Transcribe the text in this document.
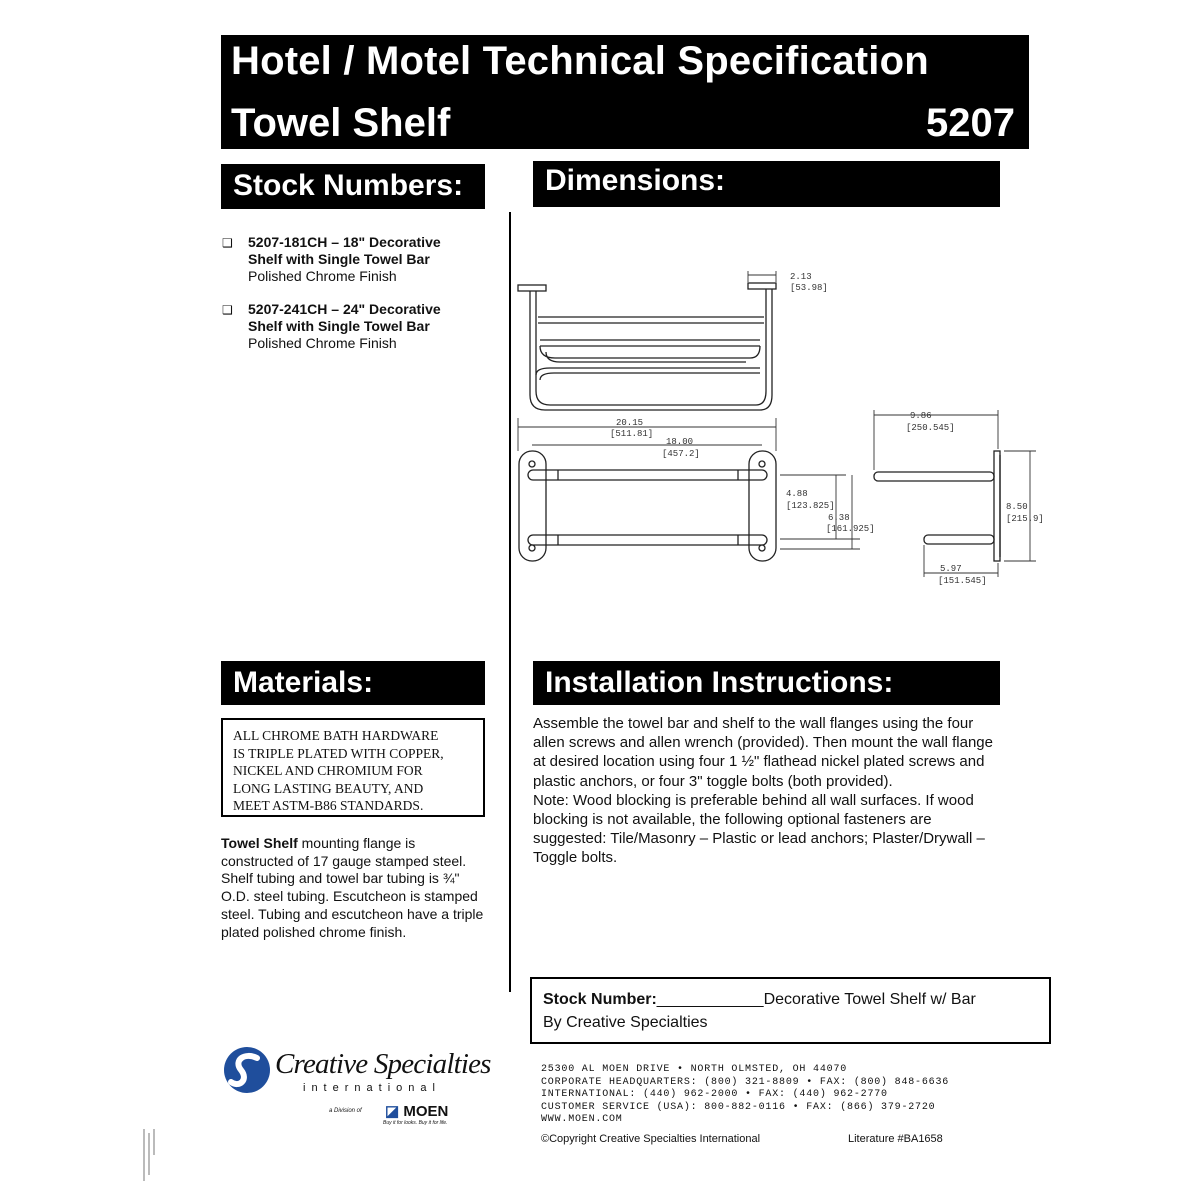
Hotel / Motel Technical Specification
Towel Shelf	5207
Stock Numbers:	Dimensions:
Materials:	Installation Instructions:
❑ 5207-181CH – 18" Decorative
Shelf with Single Towel Bar
Polished Chrome Finish
❑ 5207-241CH – 24" Decorative
Shelf with Single Towel Bar
Polished Chrome Finish
2.13
[53.98]
20.15
[511.81]
18.00
[457.2]
4.88
[123.825]
6.38
[161.925]
9.86
[250.545]
8.50
[215.9]
5.97
[151.545]
ALL CHROME BATH HARDWARE
IS TRIPLE PLATED WITH COPPER,
NICKEL AND CHROMIUM FOR
LONG LASTING BEAUTY, AND
MEET ASTM-B86 STANDARDS.
Towel Shelf mounting flange is constructed of 17 gauge stamped steel. Shelf tubing and towel bar tubing is ¾" O.D. steel tubing. Escutcheon is stamped steel. Tubing and escutcheon have a triple plated polished chrome finish.
Assemble the towel bar and shelf to the wall flanges using the four allen screws and allen wrench (provided). Then mount the wall flange at desired location using four 1 ½" flathead nickel plated screws and plastic anchors, or four 3" toggle bolts (both provided).
Note: Wood blocking is preferable behind all wall surfaces. If wood blocking is not available, the following optional fasteners are suggested: Tile/Masonry – Plastic or lead anchors; Plaster/Drywall – Toggle bolts.
Stock Number:____________Decorative Towel Shelf w/ Bar
By Creative Specialties
Creative Specialties
international
a Division of ◪ MOEN
Buy it for looks. Buy it for life.
25300 AL MOEN DRIVE • NORTH OLMSTED, OH 44070
CORPORATE HEADQUARTERS: (800) 321-8809 • FAX: (800) 848-6636
INTERNATIONAL: (440) 962-2000 • FAX: (440) 962-2770
CUSTOMER SERVICE (USA): 800-882-0116 • FAX: (866) 379-2720
WWW.MOEN.COM
©Copyright Creative Specialties International	Literature #BA1658
